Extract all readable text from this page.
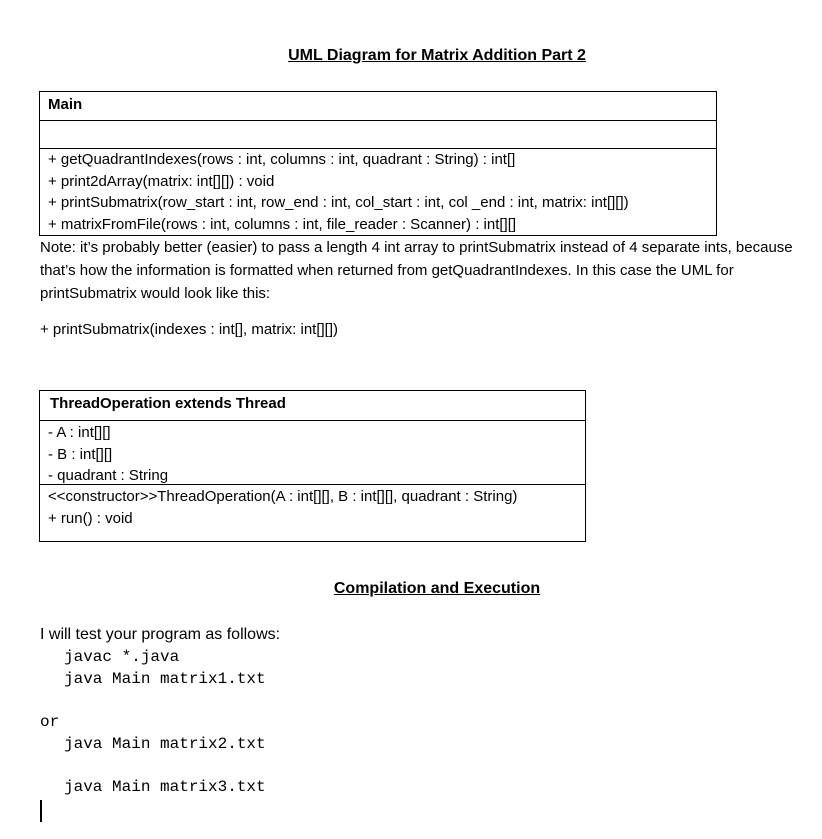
UML Diagram for Matrix Addition Part 2
Main
+ getQuadrantIndexes(rows : int, columns : int, quadrant : String) : int[]
+ print2dArray(matrix: int[][]) : void
+ printSubmatrix(row_start : int, row_end : int, col_start : int, col _end : int, matrix: int[][])
+ matrixFromFile(rows : int, columns : int, file_reader : Scanner) : int[][]
Note: it’s probably better (easier) to pass a length 4 int array to printSubmatrix instead of 4 separate ints, because that’s how the information is formatted when returned from getQuadrantIndexes. In this case the UML for printSubmatrix would look like this:
+ printSubmatrix(indexes : int[], matrix: int[][])
ThreadOperation extends Thread
- A : int[][]
- B : int[][]
- quadrant : String
<<constructor>>ThreadOperation(A : int[][], B : int[][], quadrant : String)
+ run() : void
Compilation and Execution
I will test your program as follows:
javac *.java
java Main matrix1.txt
or
java Main matrix2.txt
java Main matrix3.txt
